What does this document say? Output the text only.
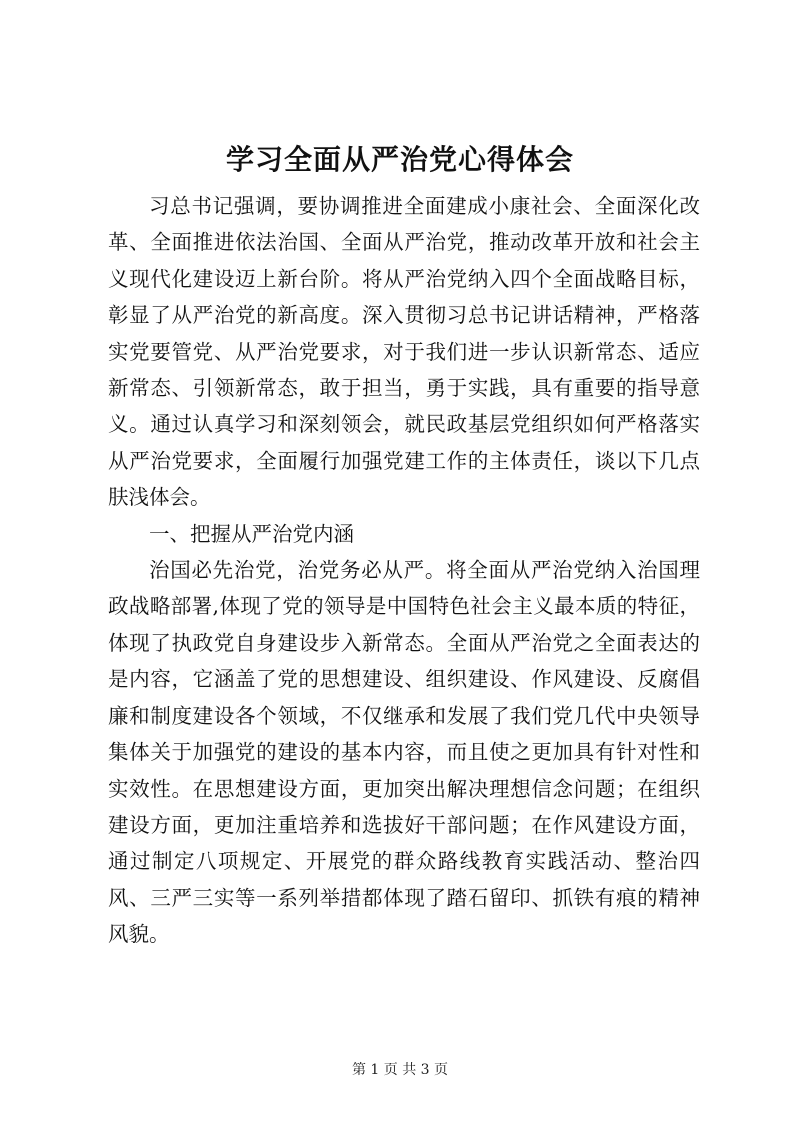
学习全面从严治党心得体会

习总书记强调，要协调推进全面建成小康社会、全面深化改革、全面推进依法治国、全面从严治党，推动改革开放和社会主义现代化建设迈上新台阶。将从严治党纳入四个全面战略目标，彰显了从严治党的新高度。深入贯彻习总书记讲话精神，严格落实党要管党、从严治党要求，对于我们进一步认识新常态、适应新常态、引领新常态，敢于担当，勇于实践，具有重要的指导意义。通过认真学习和深刻领会，就民政基层党组织如何严格落实从严治党要求，全面履行加强党建工作的主体责任，谈以下几点肤浅体会。

一、把握从严治党内涵

治国必先治党，治党务必从严。将全面从严治党纳入治国理政战略部署,体现了党的领导是中国特色社会主义最本质的特征，体现了执政党自身建设步入新常态。全面从严治党之全面表达的是内容，它涵盖了党的思想建设、组织建设、作风建设、反腐倡廉和制度建设各个领域，不仅继承和发展了我们党几代中央领导集体关于加强党的建设的基本内容，而且使之更加具有针对性和实效性。在思想建设方面，更加突出解决理想信念问题；在组织建设方面，更加注重培养和选拔好干部问题；在作风建设方面，通过制定八项规定、开展党的群众路线教育实践活动、整治四风、三严三实等一系列举措都体现了踏石留印、抓铁有痕的精神风貌。

第 1 页 共 3 页
